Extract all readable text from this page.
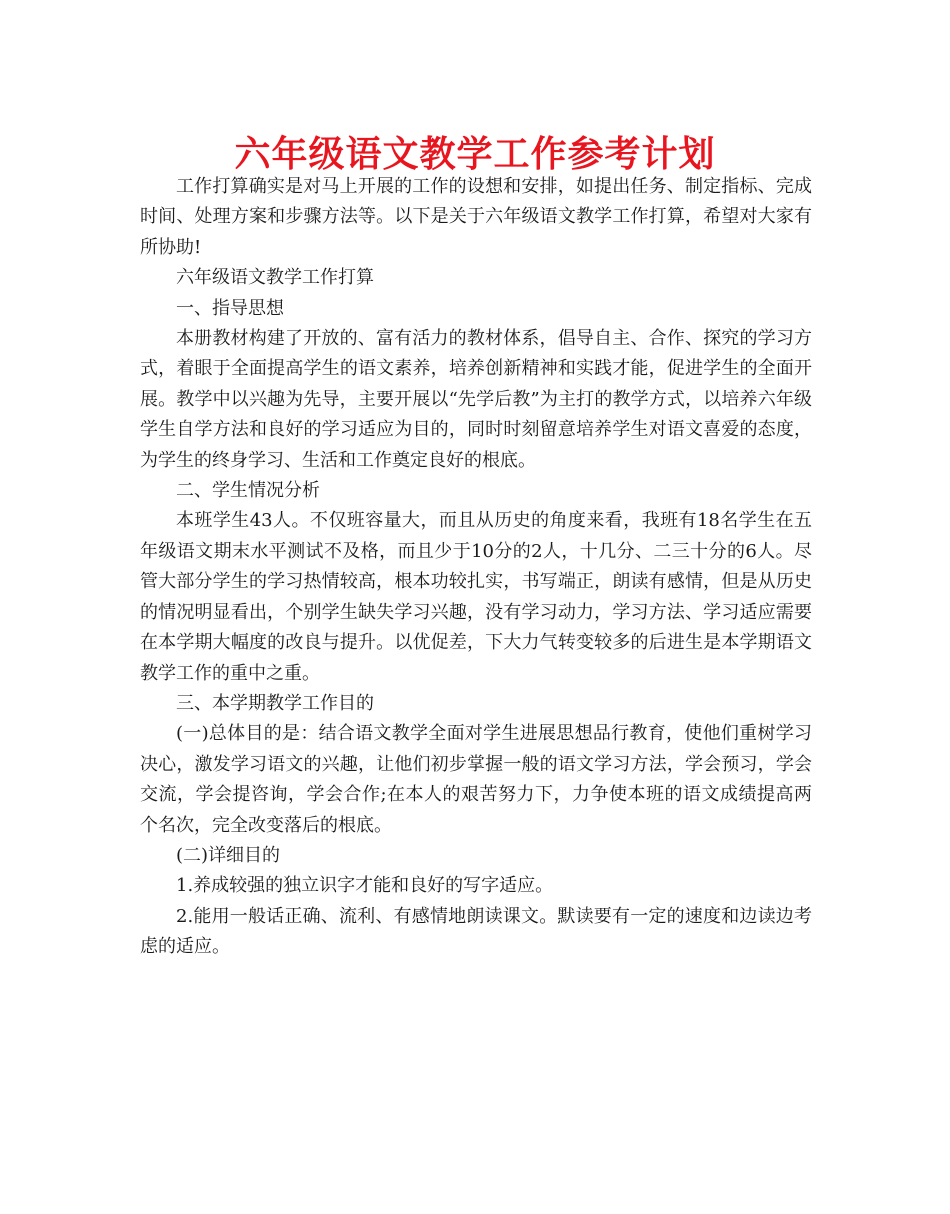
六年级语文教学工作参考计划

工作打算确实是对马上开展的工作的设想和安排，如提出任务、制定指标、完成时间、处理方案和步骤方法等。以下是关于六年级语文教学工作打算，希望对大家有所协助!

六年级语文教学工作打算

一、指导思想

本册教材构建了开放的、富有活力的教材体系，倡导自主、合作、探究的学习方式，着眼于全面提高学生的语文素养，培养创新精神和实践才能，促进学生的全面开展。教学中以兴趣为先导，主要开展以“先学后教”为主打的教学方式，以培养六年级学生自学方法和良好的学习适应为目的，同时时刻留意培养学生对语文喜爱的态度，为学生的终身学习、生活和工作奠定良好的根底。

二、学生情况分析

本班学生43人。不仅班容量大，而且从历史的角度来看，我班有18名学生在五年级语文期末水平测试不及格，而且少于10分的2人，十几分、二三十分的6人。尽管大部分学生的学习热情较高，根本功较扎实，书写端正，朗读有感情，但是从历史的情况明显看出，个别学生缺失学习兴趣，没有学习动力，学习方法、学习适应需要在本学期大幅度的改良与提升。以优促差，下大力气转变较多的后进生是本学期语文教学工作的重中之重。

三、本学期教学工作目的

(一)总体目的是：结合语文教学全面对学生进展思想品行教育，使他们重树学习决心，激发学习语文的兴趣，让他们初步掌握一般的语文学习方法，学会预习，学会交流，学会提咨询，学会合作;在本人的艰苦努力下，力争使本班的语文成绩提高两个名次，完全改变落后的根底。

(二)详细目的

1.养成较强的独立识字才能和良好的写字适应。

2.能用一般话正确、流利、有感情地朗读课文。默读要有一定的速度和边读边考虑的适应。
